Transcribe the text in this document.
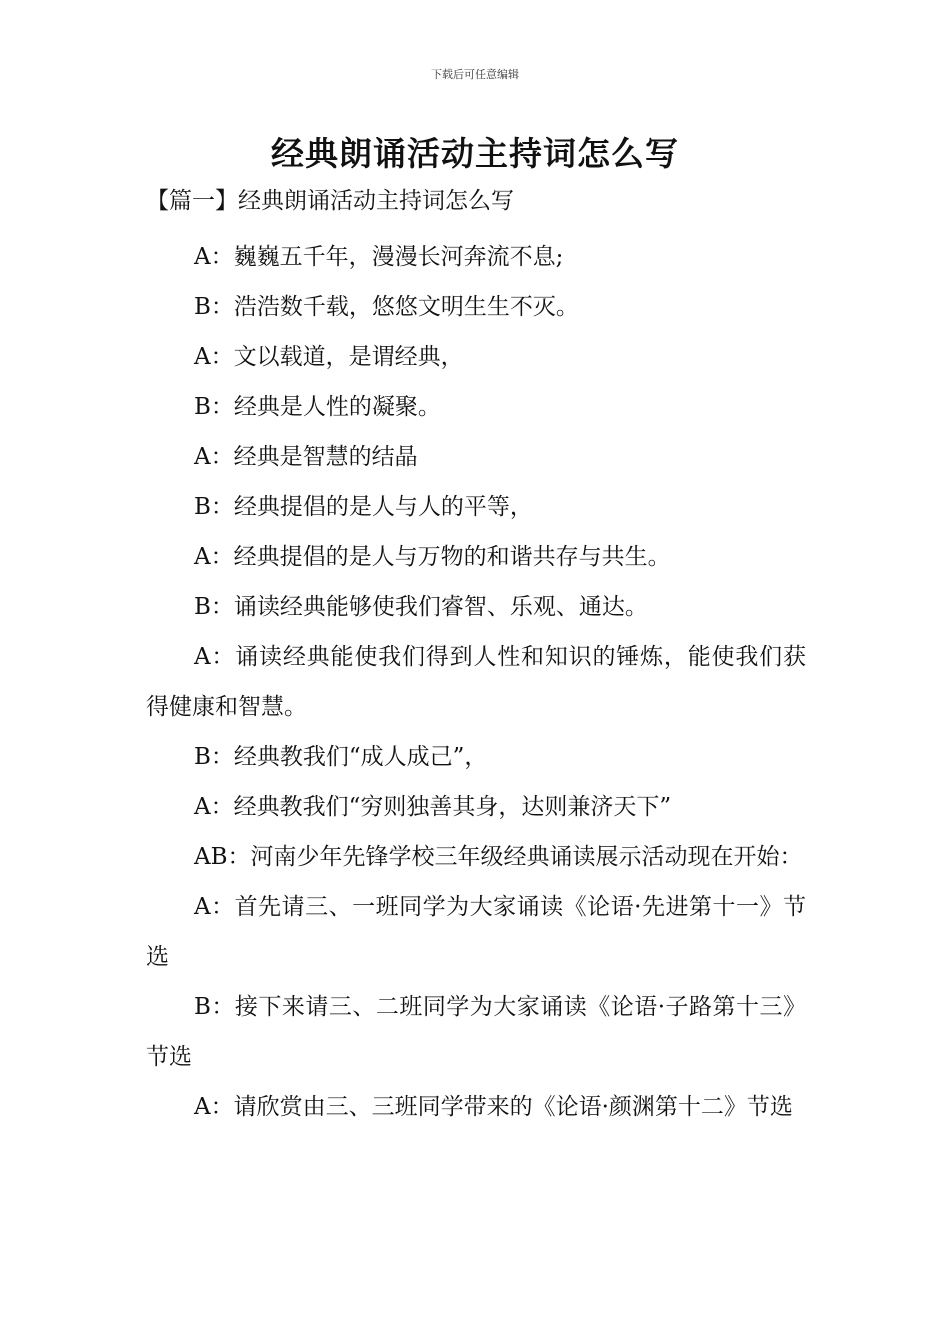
下载后可任意编辑
经典朗诵活动主持词怎么写
【篇一】经典朗诵活动主持词怎么写

A：巍巍五千年，漫漫长河奔流不息;

B：浩浩数千载，悠悠文明生生不灭。

A：文以载道，是谓经典，

B：经典是人性的凝聚。

A：经典是智慧的结晶

B：经典提倡的是人与人的平等，

A：经典提倡的是人与万物的和谐共存与共生。

B：诵读经典能够使我们睿智、乐观、通达。

A：诵读经典能使我们得到人性和知识的锤炼，能使我们获得健康和智慧。

B：经典教我们“成人成己”，

A：经典教我们“穷则独善其身，达则兼济天下”

AB：河南少年先锋学校三年级经典诵读展示活动现在开始：

A：首先请三、一班同学为大家诵读《论语·先进第十一》节选

B：接下来请三、二班同学为大家诵读《论语·子路第十三》节选

A：请欣赏由三、三班同学带来的《论语·颜渊第十二》节选
